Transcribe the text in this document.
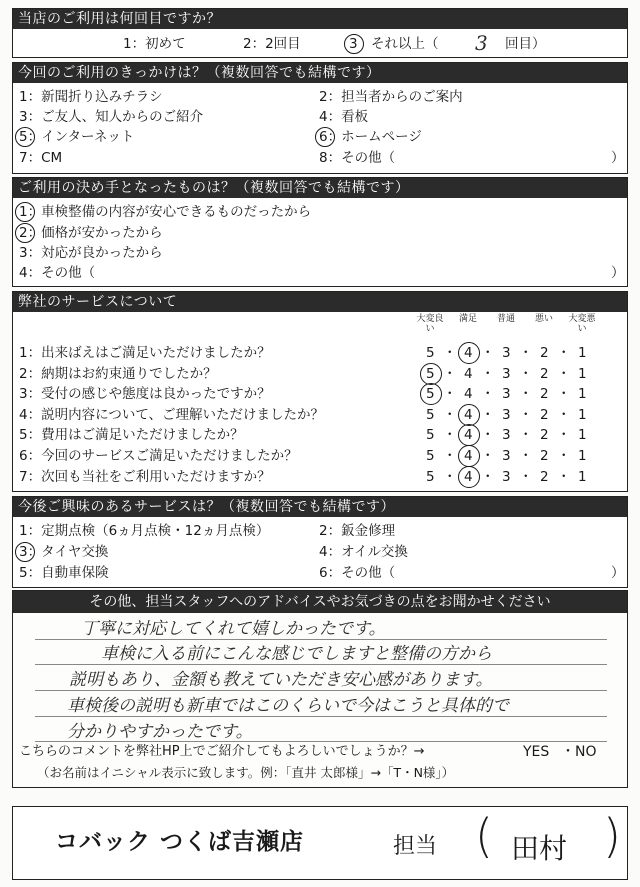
当店のご利用は何回目ですか？
1：初めて	2：2回目	3 それ以上（ 3 回目）
今回のご利用のきっかけは？（複数回答でも結構です）
1：新聞折り込みチラシ	2：担当者からのご案内
3：ご友人、知人からのご紹介	4：看板
5：インターネット	6：ホームページ
7：CM	8：その他（	）
ご利用の決め手となったものは？（複数回答でも結構です）
1：車検整備の内容が安心できるものだったから
2：価格が安かったから
3：対応が良かったから
4：その他（	）
弊社のサービスについて
大変良い
満足	普通	悪い	大変悪い
1：出来ばえはご満足いただけましたか？	5 ・ 4 ・ 3 ・ 2 ・ 1
2：納期はお約束通りでしたか？	5 ・ 4 ・ 3 ・ 2 ・ 1
3：受付の感じや態度は良かったですか？	5 ・ 4 ・ 3 ・ 2 ・ 1
4：説明内容について、ご理解いただけましたか？	5 ・ 4 ・ 3 ・ 2 ・ 1
5：費用はご満足いただけましたか？	5 ・ 4 ・ 3 ・ 2 ・ 1
6：今回のサービスご満足いただけましたか？	5 ・ 4 ・ 3 ・ 2 ・ 1
7：次回も当社をご利用いただけますか？	5 ・ 4 ・ 3 ・ 2 ・ 1
今後ご興味のあるサービスは？（複数回答でも結構です）
1：定期点検（6ヵ月点検・12ヵ月点検）	2：鈑金修理
3：タイヤ交換	4：オイル交換
5：自動車保険	6：その他（	）
その他、担当スタッフへのアドバイスやお気づきの点をお聞かせください
丁寧に対応してくれて嬉しかったです。
車検に入る前にこんな感じでしますと整備の方から
説明もあり、金額も教えていただき安心感があります。
車検後の説明も新車ではこのくらいで今はこうと具体的で
分かりやすかったです。
こちらのコメントを弊社HP上でご紹介してもよろしいでしょうか？→	YES ・ NO
（お名前はイニシャル表示に致します。例：「直井 太郎様」→「T・N様」）
コバック つくば吉瀬店	担当 ( 田村 )
